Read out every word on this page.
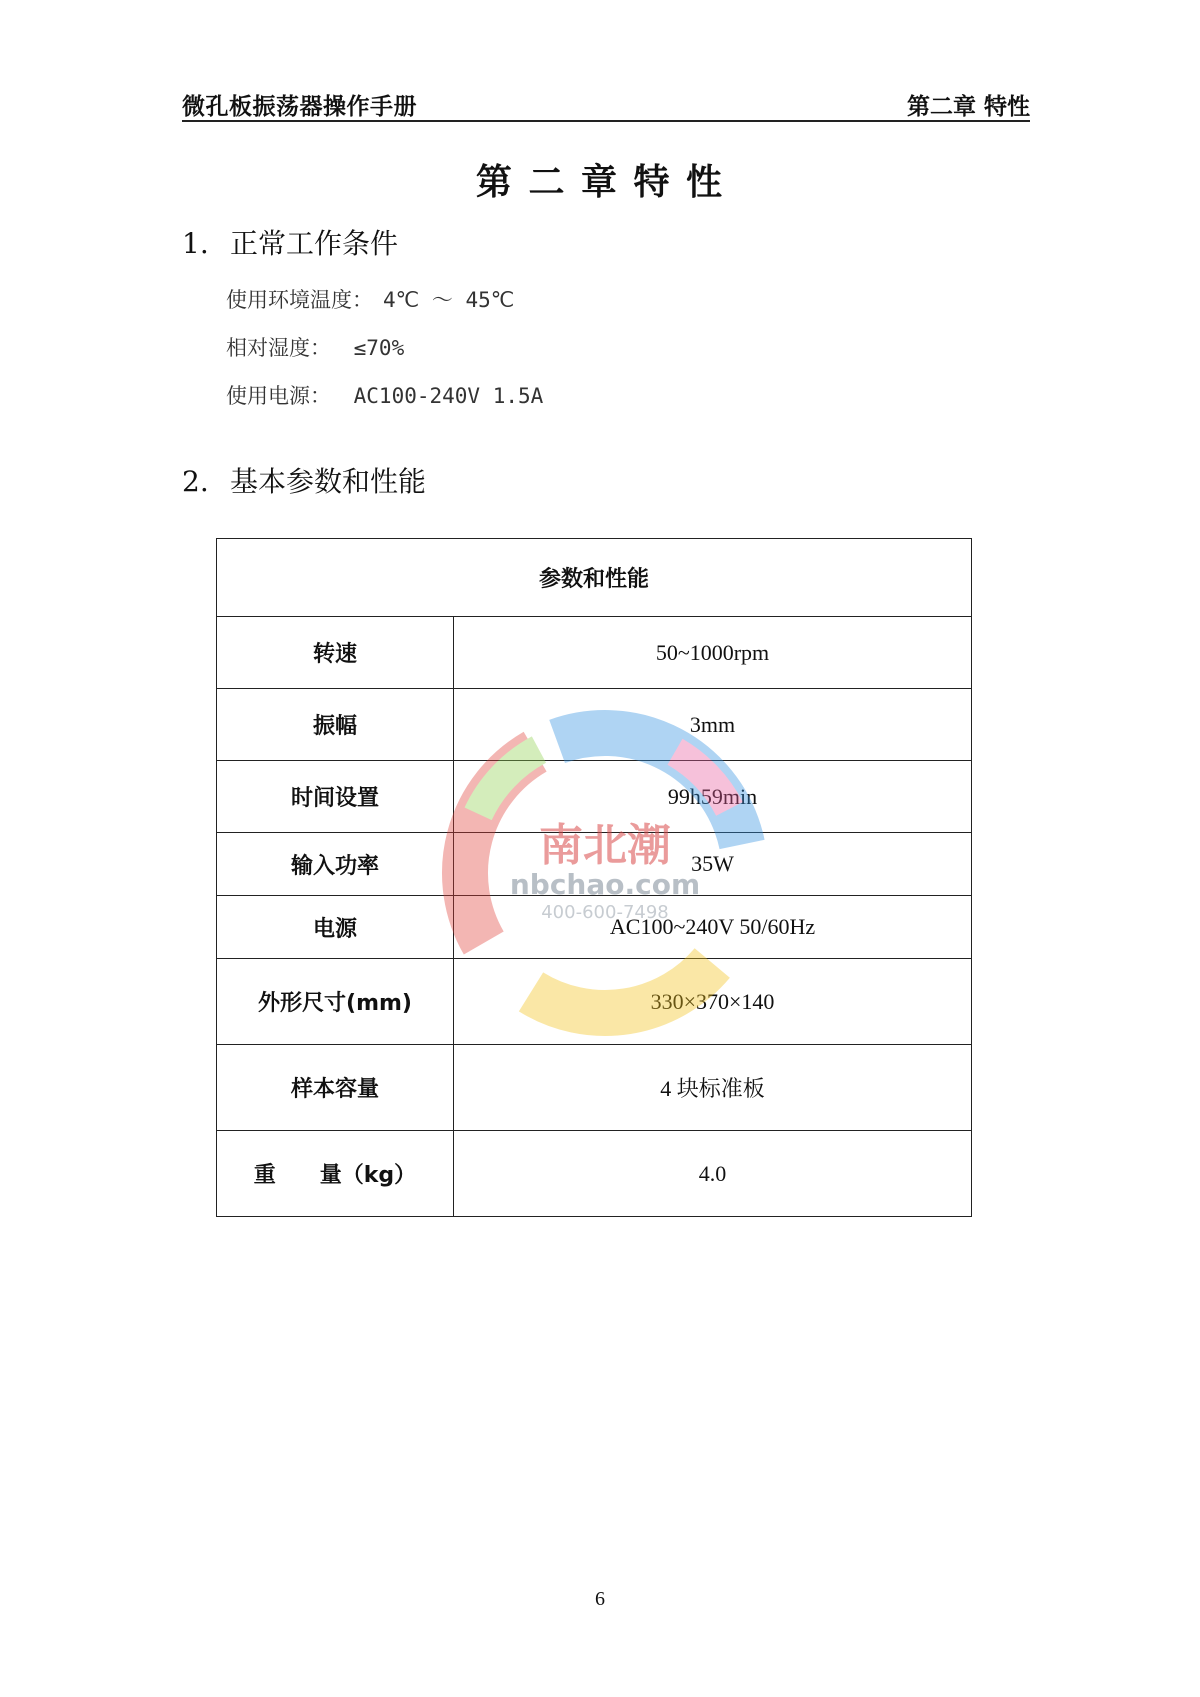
微孔板振荡器操作手册	第二章 特性
第 二 章 特 性
1. 正常工作条件
使用环境温度： 4℃ ～ 45℃
相对湿度： ≤70%
使用电源： AC100-240V 1.5A
2. 基本参数和性能
参数和性能	
转速	50~1000rpm
振幅	3mm
时间设置	99h59min
输入功率	35W
电源	AC100~240V 50/60Hz
外形尺寸(mm)	330×370×140
样本容量	4 块标准板
重　　量（kg）	4.0
南北潮
nbchao.com
400-600-7498
6
